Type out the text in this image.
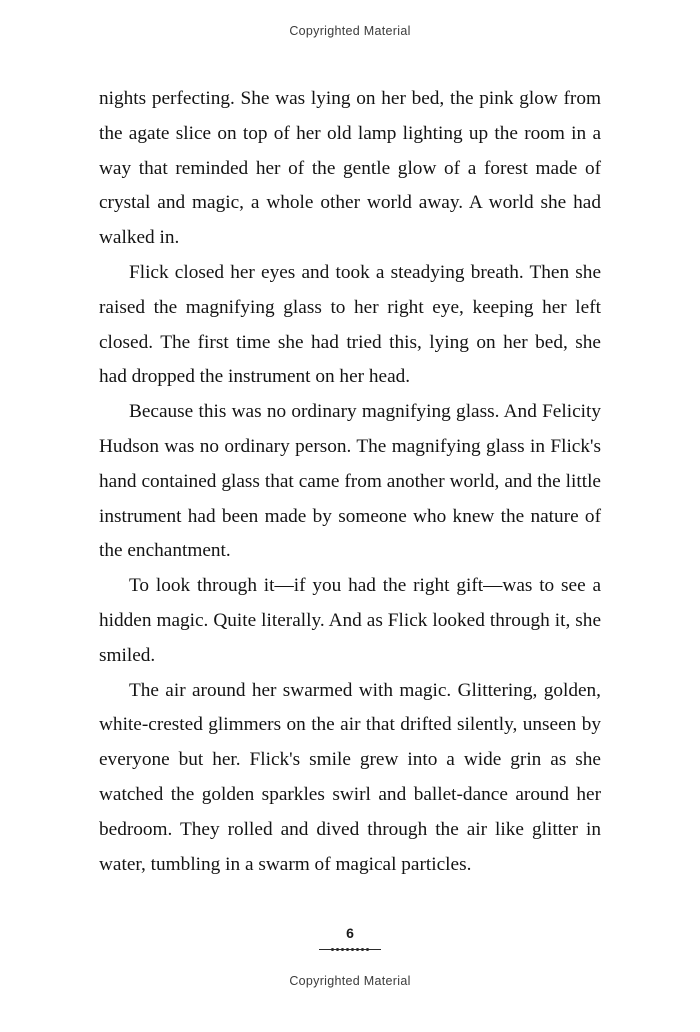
Copyrighted Material

nights perfecting. She was lying on her bed, the pink glow from the agate slice on top of her old lamp lighting up the room in a way that reminded her of the gentle glow of a forest made of crystal and magic, a whole other world away. A world she had walked in.

Flick closed her eyes and took a steadying breath. Then she raised the magnifying glass to her right eye, keeping her left closed. The first time she had tried this, lying on her bed, she had dropped the instrument on her head.

Because this was no ordinary magnifying glass. And Felicity Hudson was no ordinary person. The magnifying glass in Flick's hand contained glass that came from another world, and the little instrument had been made by someone who knew the nature of the enchantment.

To look through it—if you had the right gift—was to see a hidden magic. Quite literally. And as Flick looked through it, she smiled.

The air around her swarmed with magic. Glittering, golden, white-crested glimmers on the air that drifted silently, unseen by everyone but her. Flick's smile grew into a wide grin as she watched the golden sparkles swirl and ballet-dance around her bedroom. They rolled and dived through the air like glitter in water, tumbling in a swarm of magical particles.

6
Copyrighted Material
